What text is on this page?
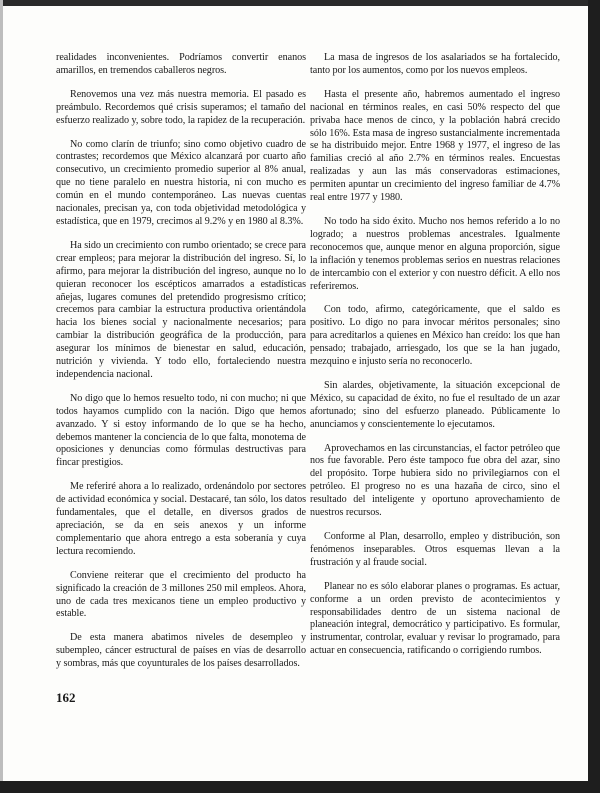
realidades inconvenientes. Podríamos convertir enanos amarillos, en tremendos caballeros negros.

Renovemos una vez más nuestra memoria. El pasado es preámbulo. Recordemos qué crisis superamos; el tamaño del esfuerzo realizado y, sobre todo, la rapidez de la recuperación.

No como clarín de triunfo; sino como objetivo cuadro de contrastes; recordemos que México alcanzará por cuarto año consecutivo, un crecimiento promedio superior al 8% anual, que no tiene paralelo en nuestra historia, ni con mucho es común en el mundo contemporáneo. Las nuevas cuentas nacionales, precisan ya, con toda objetividad metodológica y estadística, que en 1979, crecimos al 9.2% y en 1980 al 8.3%.

Ha sido un crecimiento con rumbo orientado; se crece para crear empleos; para mejorar la distribución del ingreso. Sí, lo afirmo, para mejorar la distribución del ingreso, aunque no lo quieran reconocer los escépticos amarrados a estadísticas añejas, lugares comunes del pretendido progresismo crítico; crecemos para cambiar la estructura productiva orientándola hacia los bienes social y nacionalmente necesarios; para cambiar la distribución geográfica de la producción, para asegurar los mínimos de bienestar en salud, educación, nutrición y vivienda. Y todo ello, fortaleciendo nuestra independencia nacional.

No digo que lo hemos resuelto todo, ni con mucho; ni que todos hayamos cumplido con la nación. Digo que hemos avanzado. Y si estoy informando de lo que se ha hecho, debemos mantener la conciencia de lo que falta, monotema de oposiciones y denuncias como fórmulas destructivas para fincar prestigios.

Me referiré ahora a lo realizado, ordenándolo por sectores de actividad económica y social. Destacaré, tan sólo, los datos fundamentales, que el detalle, en diversos grados de apreciación, se da en seis anexos y un informe complementario que ahora entrego a esta soberanía y cuya lectura recomiendo.

Conviene reiterar que el crecimiento del producto ha significado la creación de 3 millones 250 mil empleos. Ahora, uno de cada tres mexicanos tiene un empleo productivo y estable.

De esta manera abatimos niveles de desempleo y subempleo, cáncer estructural de países en vías de desarrollo y sombras, más que coyunturales de los países desarrollados.

La masa de ingresos de los asalariados se ha fortalecido, tanto por los aumentos, como por los nuevos empleos.

Hasta el presente año, habremos aumentado el ingreso nacional en términos reales, en casi 50% respecto del que privaba hace menos de cinco, y la población habrá crecido sólo 16%. Esta masa de ingreso sustancialmente incrementada se ha distribuido mejor. Entre 1968 y 1977, el ingreso de las familias creció al año 2.7% en términos reales. Encuestas realizadas y aun las más conservadoras estimaciones, permiten apuntar un crecimiento del ingreso familiar de 4.7% real entre 1977 y 1980.

No todo ha sido éxito. Mucho nos hemos referido a lo no logrado; a nuestros problemas ancestrales. Igualmente reconocemos que, aunque menor en alguna proporción, sigue la inflación y tenemos problemas serios en nuestras relaciones de intercambio con el exterior y con nuestro déficit. A ello nos referiremos.

Con todo, afirmo, categóricamente, que el saldo es positivo. Lo digo no para invocar méritos personales; sino para acreditarlos a quienes en México han creído: los que han pensado; trabajado, arriesgado, los que se la han jugado, mezquino e injusto sería no reconocerlo.

Sin alardes, objetivamente, la situación excepcional de México, su capacidad de éxito, no fue el resultado de un azar afortunado; sino del esfuerzo planeado. Públicamente lo anunciamos y conscientemente lo ejecutamos.

Aprovechamos en las circunstancias, el factor petróleo que nos fue favorable. Pero éste tampoco fue obra del azar, sino del propósito. Torpe hubiera sido no privilegiarnos con el petróleo. El progreso no es una hazaña de circo, sino el resultado del inteligente y oportuno aprovechamiento de nuestros recursos.

Conforme al Plan, desarrollo, empleo y distribución, son fenómenos inseparables. Otros esquemas llevan a la frustración y al fraude social.

Planear no es sólo elaborar planes o programas. Es actuar, conforme a un orden previsto de acontecimientos y responsabilidades dentro de un sistema nacional de planeación integral, democrático y participativo. Es formular, instrumentar, controlar, evaluar y revisar lo programado, para actuar en consecuencia, ratificando o corrigiendo rumbos.

162
